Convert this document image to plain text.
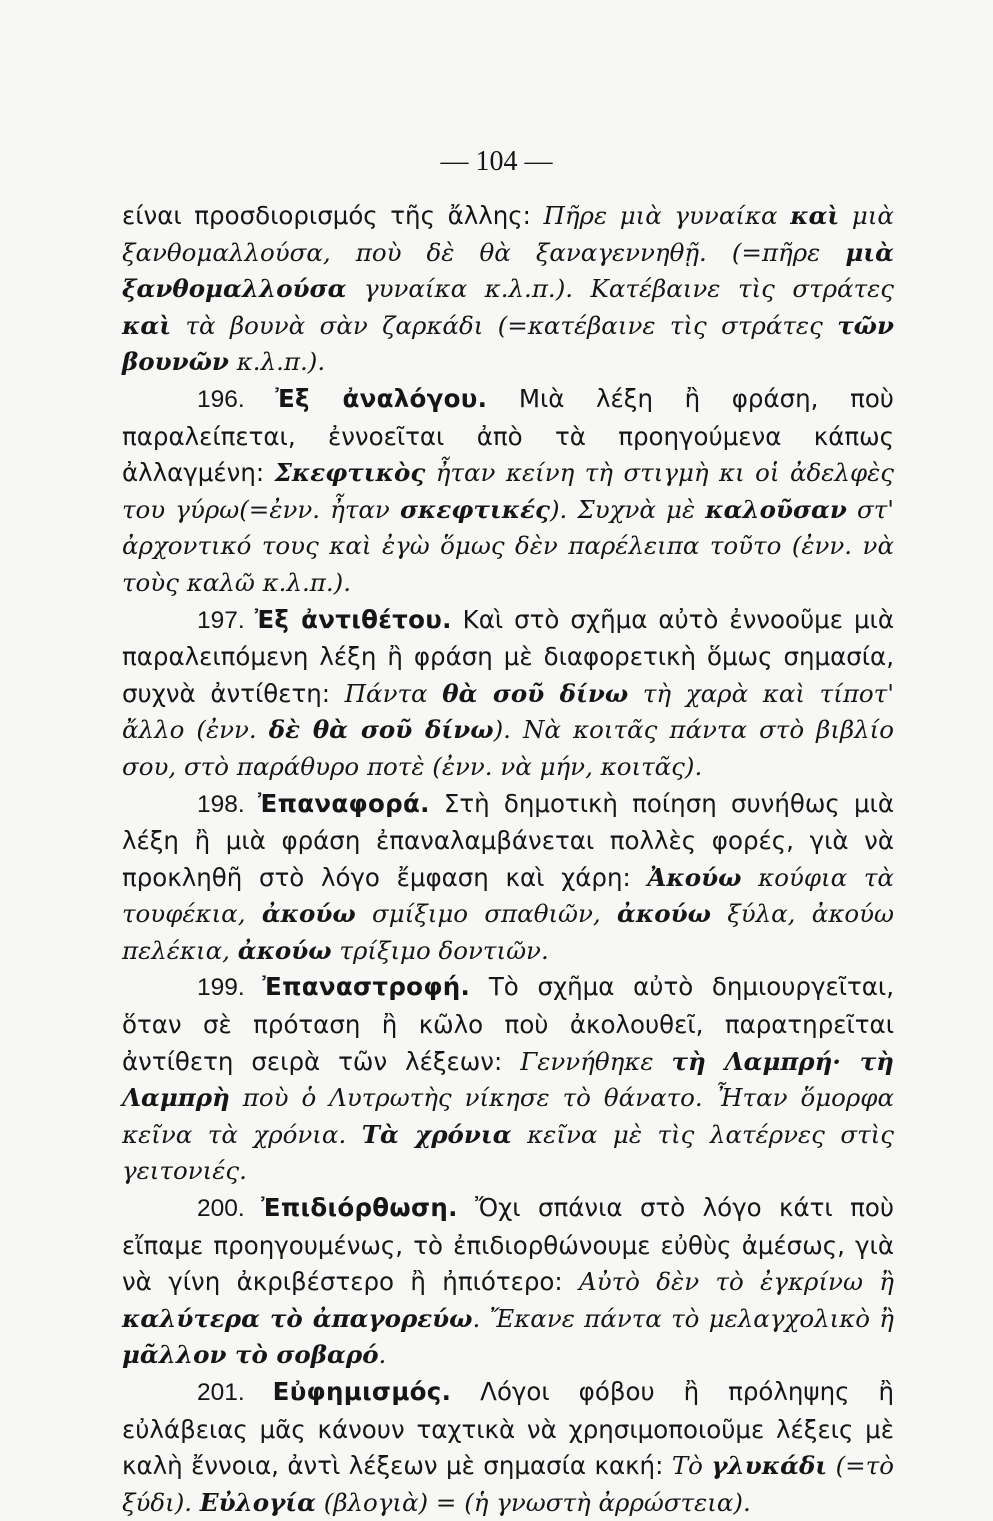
— 104 —

είναι προσδιορισμός τῆς ἄλλης: Πῆρε μιὰ γυναίκα καὶ μιὰ ξανθομαλλούσα, ποὺ δὲ θὰ ξαναγεννηθῇ. (=πῆρε μιὰ ξανθομαλλούσα γυναίκα κ.λ.π.). Κατέβαινε τὶς στράτες καὶ τὰ βουνὰ σὰν ζαρκάδι (=κατέβαινε τὶς στράτες τῶν βουνῶν κ.λ.π.).

196. Ἐξ ἀναλόγου. Μιὰ λέξη ἢ φράση, ποὺ παραλείπεται, ἐννοεῖται ἀπὸ τὰ προηγούμενα κάπως ἀλλαγμένη: Σκεφτικὸς ἦταν κείνη τὴ στιγμὴ κι οἱ ἀδελφὲς του γύρω(=ἐνν. ἦταν σκεφτικές). Συχνὰ μὲ καλοῦσαν στ' ἀρχοντικό τους καὶ ἐγὼ ὅμως δὲν παρέλειπα τοῦτο (ἐνν. νὰ τοὺς καλῶ κ.λ.π.).

197. Ἐξ ἀντιθέτου. Καὶ στὸ σχῆμα αὐτὸ ἐννοοῦμε μιὰ παραλειπόμενη λέξη ἢ φράση μὲ διαφορετικὴ ὅμως σημασία, συχνὰ ἀντίθετη: Πάντα θὰ σοῦ δίνω τὴ χαρὰ καὶ τίποτ' ἄλλο (ἐνν. δὲ θὰ σοῦ δίνω). Νὰ κοιτᾶς πάντα στὸ βιβλίο σου, στὸ παράθυρο ποτὲ (ἐνν. νὰ μήν, κοιτᾶς).

198. Ἐπαναφορά. Στὴ δημοτικὴ ποίηση συνήθως μιὰ λέξη ἢ μιὰ φράση ἐπαναλαμβάνεται πολλὲς φορές, γιὰ νὰ προκληθῆ στὸ λόγο ἔμφαση καὶ χάρη: Ἀκούω κούφια τὰ τουφέκια, ἀκούω σμίξιμο σπαθιῶν, ἀκούω ξύλα, ἀκούω πελέκια, ἀκούω τρίξιμο δοντιῶν.

199. Ἐπαναστροφή. Τὸ σχῆμα αὐτὸ δημιουργεῖται, ὅταν σὲ πρόταση ἢ κῶλο ποὺ ἀκολουθεῖ, παρατηρεῖται ἀντίθετη σειρὰ τῶν λέξεων: Γεννήθηκε τὴ Λαμπρή· τὴ Λαμπρὴ ποὺ ὁ Λυτρωτὴς νίκησε τὸ θάνατο. Ἦταν ὅμορφα κεῖνα τὰ χρόνια. Τὰ χρόνια κεῖνα μὲ τὶς λατέρνες στὶς γειτονιές.

200. Ἐπιδιόρθωση. Ὄχι σπάνια στὸ λόγο κάτι ποὺ εἴπαμε προηγουμένως, τὸ ἐπιδιορθώνουμε εὐθὺς ἀμέσως, γιὰ νὰ γίνη ἀκριβέστερο ἢ ἠπιότερο: Αὐτὸ δὲν τὸ ἐγκρίνω ἢ καλύτερα τὸ ἀπαγορεύω. Ἔκανε πάντα τὸ μελαγχολικὸ ἢ μᾶλλον τὸ σοβαρό.

201. Εὐφημισμός. Λόγοι φόβου ἢ πρόληψης ἢ εὐλάβειας μᾶς κάνουν ταχτικὰ νὰ χρησιμοποιοῦμε λέξεις μὲ καλὴ ἔννοια, ἀντὶ λέξεων μὲ σημασία κακή: Τὸ γλυκάδι (=τὸ ξύδι). Εὐλογία (βλογιὰ) = (ἡ γνωστὴ ἀρρώστεια).
